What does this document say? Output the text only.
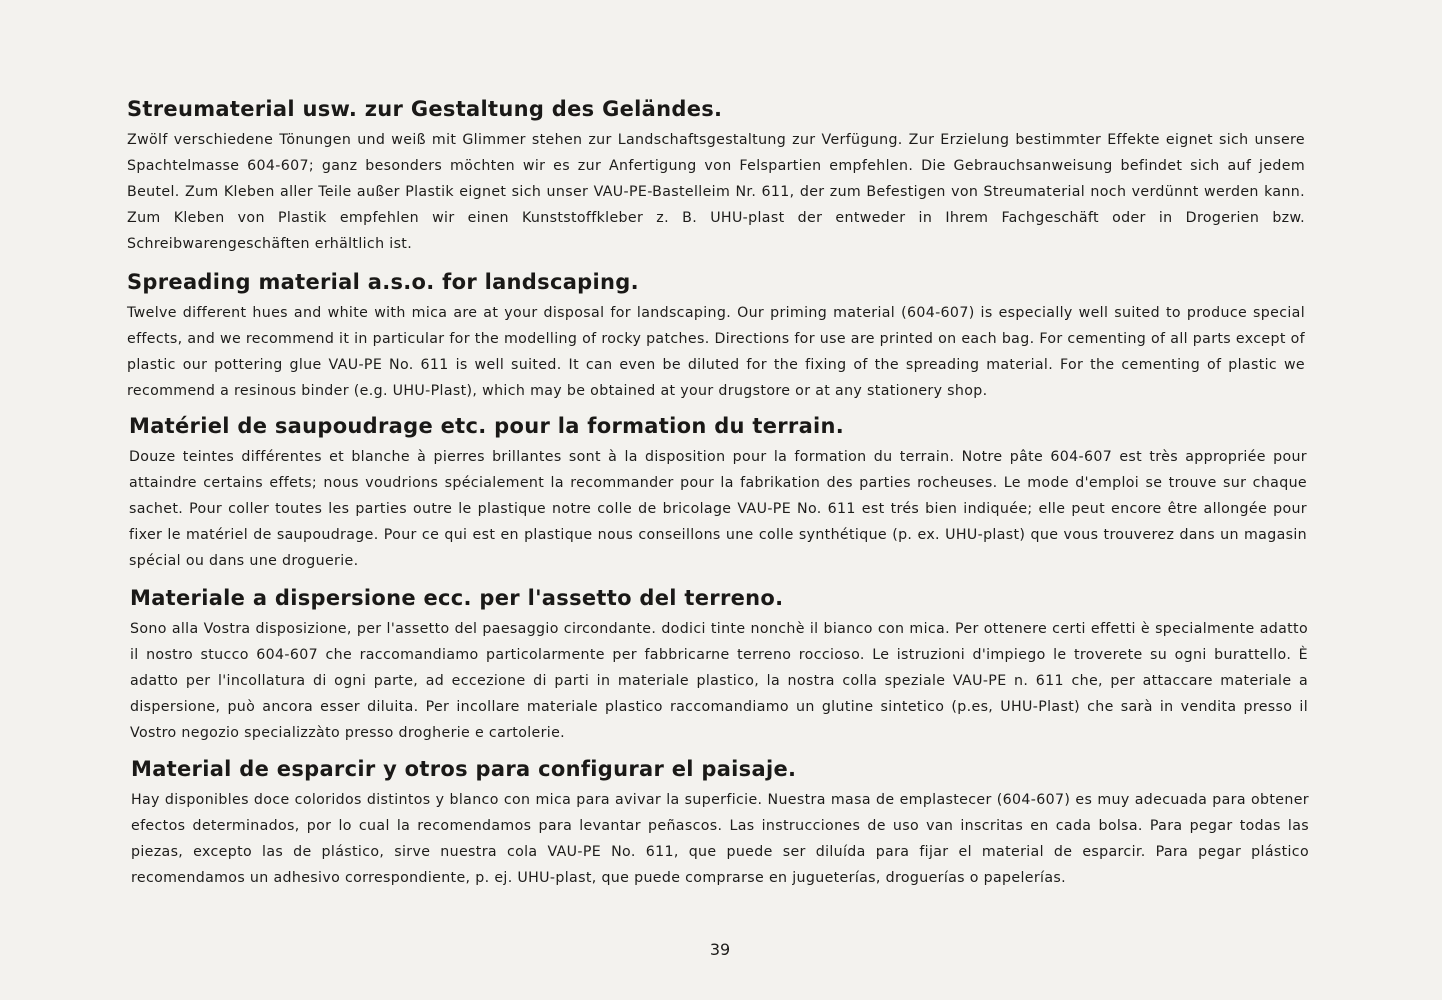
Streumaterial usw. zur Gestaltung des Geländes.

Zwölf verschiedene Tönungen und weiß mit Glimmer stehen zur Landschaftsgestaltung zur Verfügung. Zur Erzielung bestimmter Effekte eignet sich unsere Spachtelmasse 604-607; ganz besonders möchten wir es zur Anfertigung von Felspartien empfehlen. Die Gebrauchsanweisung befindet sich auf jedem Beutel. Zum Kleben aller Teile außer Plastik eignet sich unser VAU-PE-Bastelleim Nr. 611, der zum Befestigen von Streumaterial noch verdünnt werden kann. Zum Kleben von Plastik empfehlen wir einen Kunststoffkleber z. B. UHU-plast der entweder in Ihrem Fachgeschäft oder in Drogerien bzw. Schreibwarengeschäften erhältlich ist.

Spreading material a.s.o. for landscaping.

Twelve different hues and white with mica are at your disposal for landscaping. Our priming material (604-607) is especially well suited to produce special effects, and we recommend it in particular for the modelling of rocky patches. Directions for use are printed on each bag. For cementing of all parts except of plastic our pottering glue VAU-PE No. 611 is well suited. It can even be diluted for the fixing of the spreading material. For the cementing of plastic we recommend a resinous binder (e.g. UHU-Plast), which may be obtained at your drugstore or at any stationery shop.

Matériel de saupoudrage etc. pour la formation du terrain.

Douze teintes différentes et blanche à pierres brillantes sont à la disposition pour la formation du terrain. Notre pâte 604-607 est très appropriée pour attaindre certains effets; nous voudrions spécialement la recommander pour la fabrikation des parties rocheuses. Le mode d'emploi se trouve sur chaque sachet. Pour coller toutes les parties outre le plastique notre colle de bricolage VAU-PE No. 611 est trés bien indiquée; elle peut encore être allongée pour fixer le matériel de saupoudrage. Pour ce qui est en plastique nous conseillons une colle synthétique (p. ex. UHU-plast) que vous trouverez dans un magasin spécial ou dans une droguerie.

Materiale a dispersione ecc. per l'assetto del terreno.

Sono alla Vostra disposizione, per l'assetto del paesaggio circondante. dodici tinte nonchè il bianco con mica. Per ottenere certi effetti è specialmente adatto il nostro stucco 604-607 che raccomandiamo particolarmente per fabbricarne terreno roccioso. Le istruzioni d'impiego le troverete su ogni burattello. È adatto per l'incollatura di ogni parte, ad eccezione di parti in materiale plastico, la nostra colla speziale VAU-PE n. 611 che, per attaccare materiale a dispersione, può ancora esser diluita. Per incollare materiale plastico raccomandiamo un glutine sintetico (p.es, UHU-Plast) che sarà in vendita presso il Vostro negozio specializzàto presso drogherie e cartolerie.

Material de esparcir y otros para configurar el paisaje.

Hay disponibles doce coloridos distintos y blanco con mica para avivar la superficie. Nuestra masa de emplastecer (604-607) es muy adecuada para obtener efectos determinados, por lo cual la recomendamos para levantar peñascos. Las instrucciones de uso van inscritas en cada bolsa. Para pegar todas las piezas, excepto las de plástico, sirve nuestra cola VAU-PE No. 611, que puede ser diluída para fijar el material de esparcir. Para pegar plástico recomendamos un adhesivo correspondiente, p. ej. UHU-plast, que puede comprarse en jugueterías, droguerías o papelerías.

39
